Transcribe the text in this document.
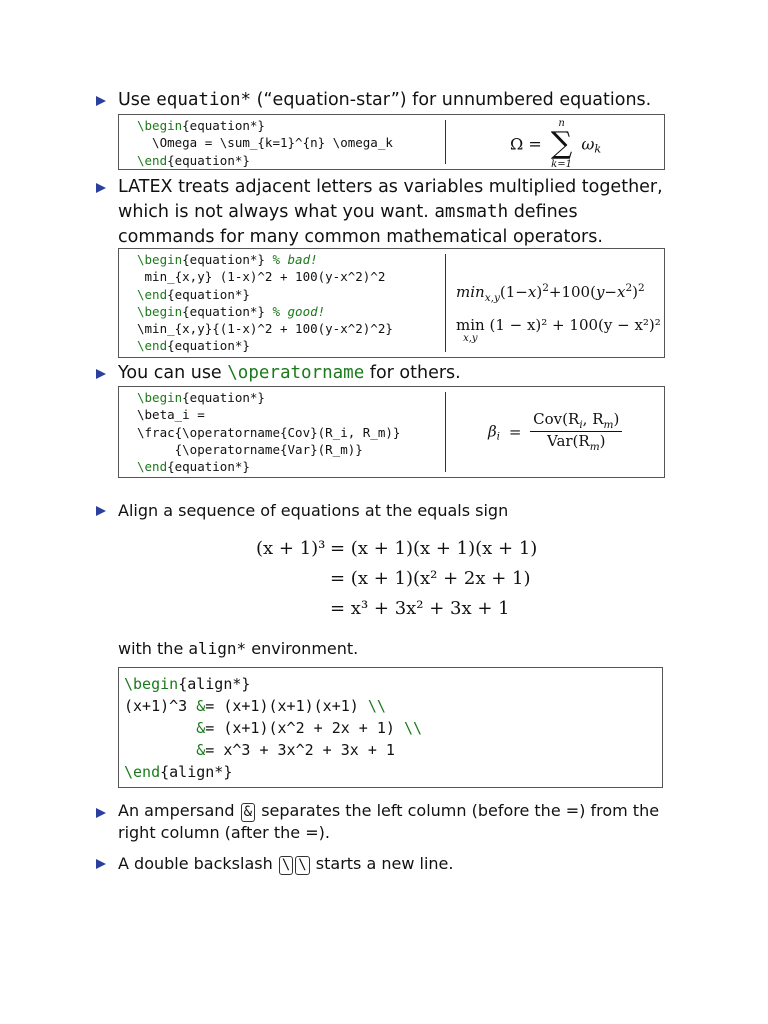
Use equation* (“equation-star”) for unnumbered equations.
\begin{equation*}
\Omega = \sum_{k=1}^{n} \omega_k
\end{equation*}
Ω =
n
∑
k=1
$\omega_k$
LATEX treats adjacent letters as variables multiplied together,
which is not always what you want. amsmath defines
commands for many common mathematical operators.
\begin{equation*} % bad!
min_{x,y} (1-x)^2 + 100(y-x^2)^2
\end{equation*}
\begin{equation*} % good!
\min_{x,y}{(1-x)^2 + 100(y-x^2)^2}
\end{equation*}
$\min_{x,y}(1-x)^2+100(y-x^2)^2$
min
x,y
(1 − x)² + 100(y − x²)²
You can use \operatorname for others.
\begin{equation*}
\beta_i =
\frac{\operatorname{Cov}(R_i, R_m)}
{\operatorname{Var}(R_m)}
\end{equation*}
$\beta_i = \frac{Cov(R_i, R_m)}{Var(R_m)}$
Align a sequence of equations at the equals sign
(x + 1)³ = (x + 1)(x + 1)(x + 1)
= (x + 1)(x² + 2x + 1)
= x³ + 3x² + 3x + 1
with the align* environment.
\begin{align*}
(x+1)^3 &= (x+1)(x+1)(x+1) \\
&= (x+1)(x^2 + 2x + 1) \\
&= x^3 + 3x^2 + 3x + 1
\end{align*}
An ampersand & separates the left column (before the =) from the
right column (after the =).
A double backslash \ \ starts a new line.
